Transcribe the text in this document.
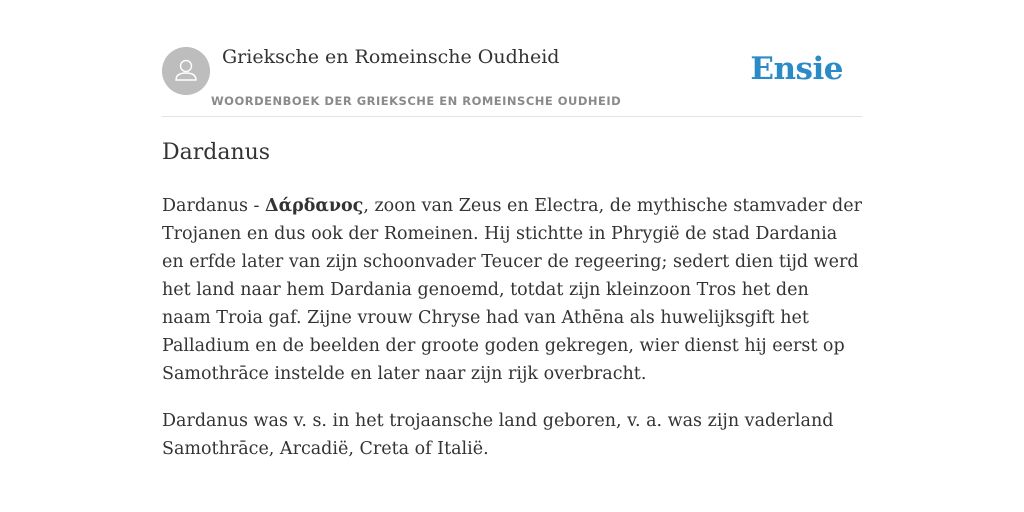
Grieksche en Romeinsche Oudheid
WOORDENBOEK DER GRIEKSCHE EN ROMEINSCHE OUDHEID
Ensie
Dardanus

Dardanus - Δάρδανος, zoon van Zeus en Electra, de mythische stamvader der Trojanen en dus ook der Romeinen. Hij stichtte in Phrygië de stad Dardania en erfde later van zijn schoonvader Teucer de regeering; sedert dien tijd werd het land naar hem Dardania genoemd, totdat zijn kleinzoon Tros het den naam Troia gaf. Zijne vrouw Chryse had van Athēna als huwelijksgift het Palladium en de beelden der groote goden gekregen, wier dienst hij eerst op Samothrāce instelde en later naar zijn rijk overbracht.

Dardanus was v. s. in het trojaansche land geboren, v. a. was zijn vaderland Samothrāce, Arcadië, Creta of Italië.
